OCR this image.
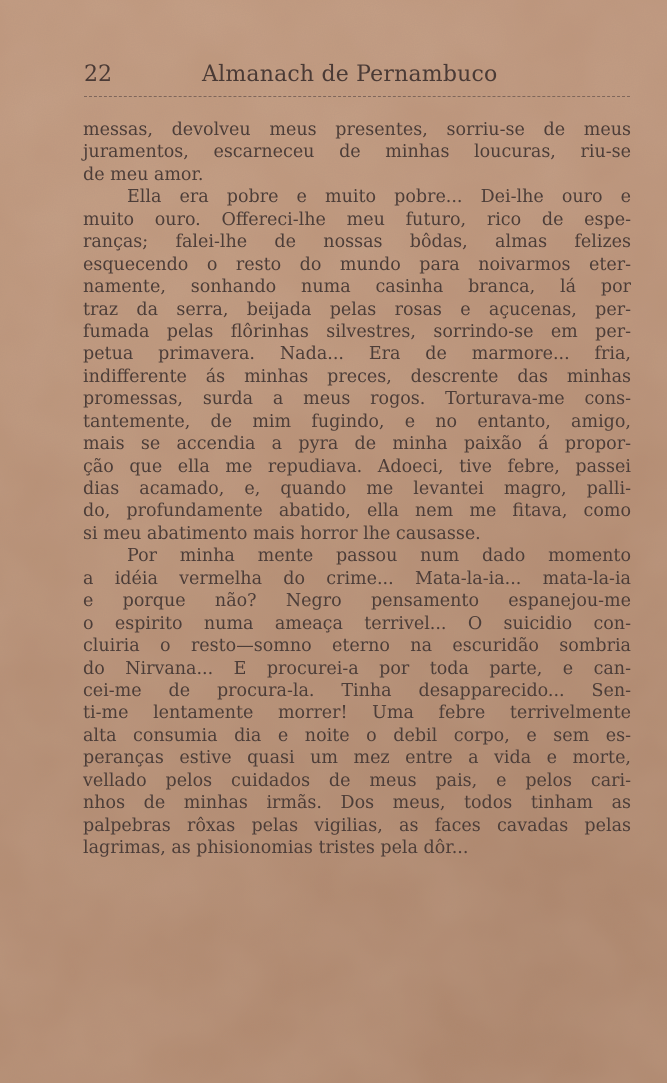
22	Almanach de Pernambuco
messas, devolveu meus presentes, sorriu-se de meus
juramentos, escarneceu de minhas loucuras, riu-se
de meu amor.
Ella era pobre e muito pobre... Dei-lhe ouro e
muito ouro. Offereci-lhe meu futuro, rico de espe-
ranças; falei-lhe de nossas bôdas, almas felizes
esquecendo o resto do mundo para noivarmos eter-
namente, sonhando numa casinha branca, lá por
traz da serra, beijada pelas rosas e açucenas, per-
fumada pelas flôrinhas silvestres, sorrindo-se em per-
petua primavera. Nada... Era de marmore... fria,
indifferente ás minhas preces, descrente das minhas
promessas, surda a meus rogos. Torturava-me cons-
tantemente, de mim fugindo, e no entanto, amigo,
mais se accendia a pyra de minha paixão á propor-
ção que ella me repudiava. Adoeci, tive febre, passei
dias acamado, e, quando me levantei magro, palli-
do, profundamente abatido, ella nem me fitava, como
si meu abatimento mais horror lhe causasse.
Por minha mente passou num dado momento
a idéia vermelha do crime... Mata-la-ia... mata-la-ia
e porque não? Negro pensamento espanejou-me
o espirito numa ameaça terrivel... O suicidio con-
cluiria o resto—somno eterno na escuridão sombria
do Nirvana... E procurei-a por toda parte, e can-
cei-me de procura-la. Tinha desapparecido... Sen-
ti-me lentamente morrer! Uma febre terrivelmente
alta consumia dia e noite o debil corpo, e sem es-
peranças estive quasi um mez entre a vida e morte,
vellado pelos cuidados de meus pais, e pelos cari-
nhos de minhas irmãs. Dos meus, todos tinham as
palpebras rôxas pelas vigilias, as faces cavadas pelas
lagrimas, as phisionomias tristes pela dôr...
